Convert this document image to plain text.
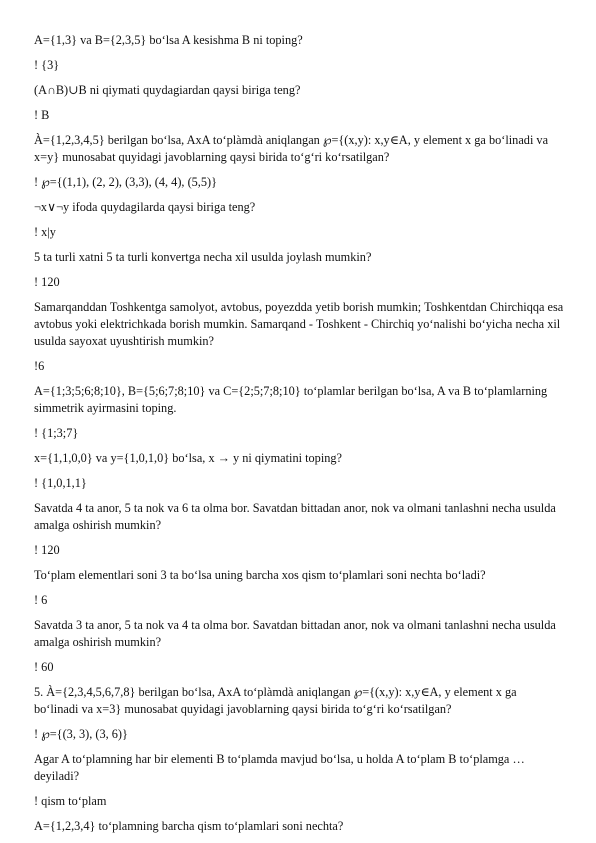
A={1,3} va B={2,3,5} bo‘lsa A kesishma B ni toping?

! {3}

(A∩B)∪B ni qiymati quydagiardan qaysi biriga teng?

! B

À={1,2,3,4,5} berilgan bo‘lsa, AxA to‘plàmdà aniqlangan ℘={(x,y): x,y∈A, y element x ga bo‘linadi va x=y} munosabat quyidagi javoblarning qaysi birida to‘g‘ri ko‘rsatilgan?

! ℘={(1,1), (2, 2), (3,3), (4, 4), (5,5)}

¬x∨¬y ifoda quydagilarda qaysi biriga teng?

! x|y

5 ta turli xatni 5 ta turli konvertga necha xil usulda joylash mumkin?

! 120

Samarqanddan Toshkentga samolyot, avtobus, poyezdda yetib borish mumkin; Toshkentdan Chirchiqqa esa avtobus yoki elektrichkada borish mumkin. Samarqand - Toshkent - Chirchiq yo‘nalishi bo‘yicha necha xil usulda sayoxat uyushtirish mumkin?

!6

A={1;3;5;6;8;10}, B={5;6;7;8;10} va C={2;5;7;8;10} to‘plamlar berilgan bo‘lsa, A va B to‘plamlarning simmetrik ayirmasini toping.

! {1;3;7}

x={1,1,0,0} va y={1,0,1,0} bo‘lsa, x → y ni qiymatini toping?

! {1,0,1,1}

Savatda 4 ta anor, 5 ta nok va 6 ta olma bor. Savatdan bittadan anor, nok va olmani tanlashni necha usulda amalga oshirish mumkin?

! 120

To‘plam elementlari soni 3 ta bo‘lsa uning barcha xos qism to‘plamlari soni nechta bo‘ladi?

! 6

Savatda 3 ta anor, 5 ta nok va 4 ta olma bor. Savatdan bittadan anor, nok va olmani tanlashni necha usulda amalga oshirish mumkin?

! 60

5. À={2,3,4,5,6,7,8} berilgan bo‘lsa, AxA to‘plàmdà aniqlangan ℘={(x,y): x,y∈A, y element x ga bo‘linadi va x=3} munosabat quyidagi javoblarning qaysi birida to‘g‘ri ko‘rsatilgan?

! ℘={(3, 3), (3, 6)}

Agar A to‘plamning har bir elementi B to‘plamda mavjud bo‘lsa, u holda A to‘plam B to‘plamga … deyiladi?

! qism to‘plam

A={1,2,3,4} to‘plamning barcha qism to‘plamlari soni nechta?
